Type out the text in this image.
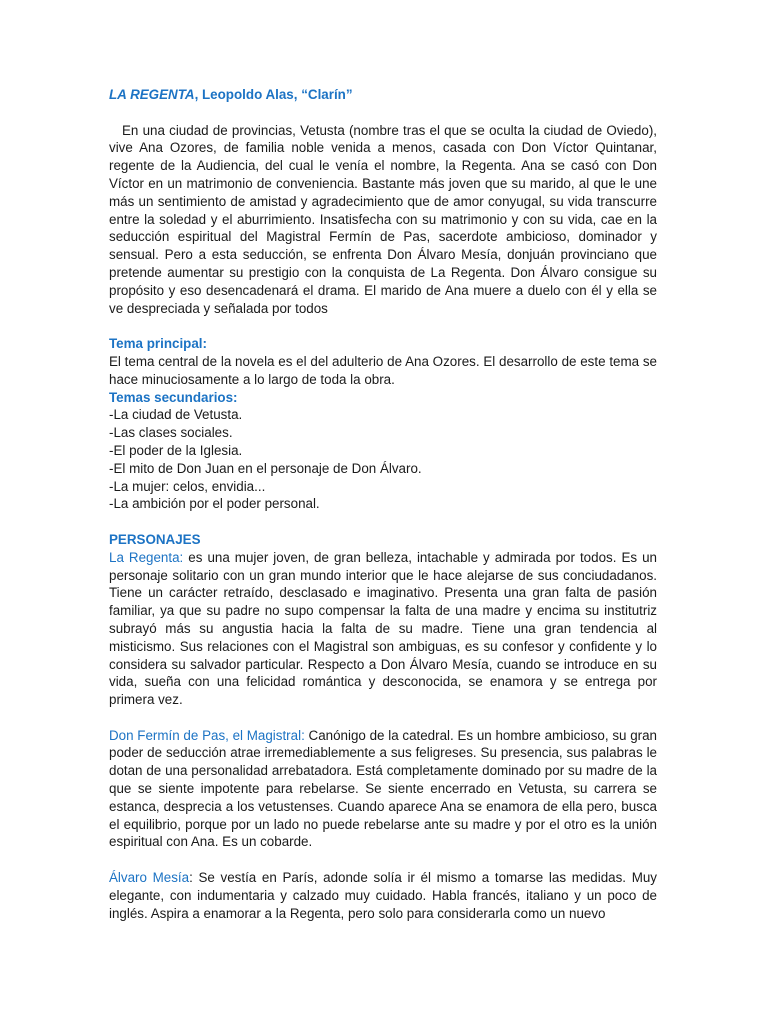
LA REGENTA, Leopoldo Alas, “Clarín”

En una ciudad de provincias, Vetusta (nombre tras el que se oculta la ciudad de Oviedo), vive Ana Ozores, de familia noble venida a menos, casada con Don Víctor Quintanar, regente de la Audiencia, del cual le venía el nombre, la Regenta. Ana se casó con Don Víctor en un matrimonio de conveniencia. Bastante más joven que su marido, al que le une más un sentimiento de amistad y agradecimiento que de amor conyugal, su vida transcurre entre la soledad y el aburrimiento. Insatisfecha con su matrimonio y con su vida, cae en la seducción espiritual del Magistral Fermín de Pas, sacerdote ambicioso, dominador y sensual. Pero a esta seducción, se enfrenta Don Álvaro Mesía, donjuán provinciano que pretende aumentar su prestigio con la conquista de La Regenta. Don Álvaro consigue su propósito y eso desencadenará el drama. El marido de Ana muere a duelo con él y ella se ve despreciada y señalada por todos

Tema principal:

El tema central de la novela es el del adulterio de Ana Ozores. El desarrollo de este tema se hace minuciosamente a lo largo de toda la obra.

Temas secundarios:
-La ciudad de Vetusta.
-Las clases sociales.
-El poder de la Iglesia.
-El mito de Don Juan en el personaje de Don Álvaro.
-La mujer: celos, envidia...
-La ambición por el poder personal.
PERSONAJES

La Regenta: es una mujer joven, de gran belleza, intachable y admirada por todos. Es un personaje solitario con un gran mundo interior que le hace alejarse de sus conciudadanos. Tiene un carácter retraído, desclasado e imaginativo. Presenta una gran falta de pasión familiar, ya que su padre no supo compensar la falta de una madre y encima su institutriz subrayó más su angustia hacia la falta de su madre. Tiene una gran tendencia al misticismo. Sus relaciones con el Magistral son ambiguas, es su confesor y confidente y lo considera su salvador particular. Respecto a Don Álvaro Mesía, cuando se introduce en su vida, sueña con una felicidad romántica y desconocida, se enamora y se entrega por primera vez.

Don Fermín de Pas, el Magistral: Canónigo de la catedral. Es un hombre ambicioso, su gran poder de seducción atrae irremediablemente a sus feligreses. Su presencia, sus palabras le dotan de una personalidad arrebatadora. Está completamente dominado por su madre de la que se siente impotente para rebelarse. Se siente encerrado en Vetusta, su carrera se estanca, desprecia a los vetustenses. Cuando aparece Ana se enamora de ella pero, busca el equilibrio, porque por un lado no puede rebelarse ante su madre y por el otro es la unión espiritual con Ana. Es un cobarde.

Álvaro Mesía: Se vestía en París, adonde solía ir él mismo a tomarse las medidas. Muy elegante, con indumentaria y calzado muy cuidado. Habla francés, italiano y un poco de inglés. Aspira a enamorar a la Regenta, pero solo para considerarla como un nuevo
